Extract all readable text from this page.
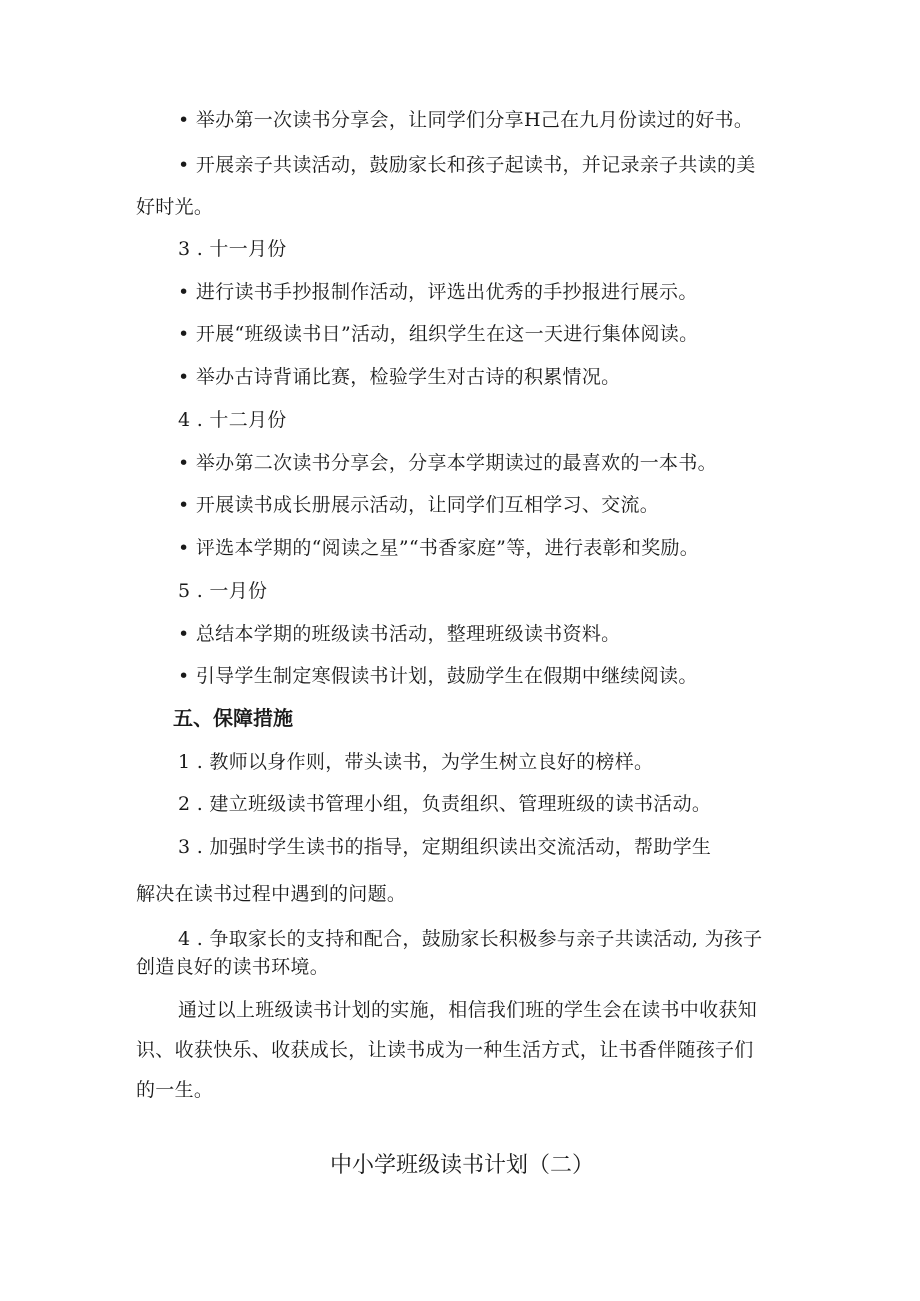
• 举办第一次读书分享会，让同学们分享H己在九月份读过的好书。
• 开展亲子共读活动，鼓励家长和孩子起读书，并记录亲子共读的美
好时光。
3 . 十一月份
• 进行读书手抄报制作活动，评选出优秀的手抄报进行展示。
• 开展“班级读书日”活动，组织学生在这一天进行集体阅读。
• 举办古诗背诵比赛，检验学生对古诗的积累情况。
4 . 十二月份
• 举办第二次读书分享会，分享本学期读过的最喜欢的一本书。
• 开展读书成长册展示活动，让同学们互相学习、交流。
• 评选本学期的“阅读之星”“书香家庭”等，进行表彰和奖励。
5 . 一月份
• 总结本学期的班级读书活动，整理班级读书资料。
• 引导学生制定寒假读书计划，鼓励学生在假期中继续阅读。
五、保障措施
1 . 教师以身作则，带头读书，为学生树立良好的榜样。
2 . 建立班级读书管理小组，负责组织、管理班级的读书活动。
3 . 加强时学生读书的指导，定期组织读出交流活动，帮助学生
解决在读书过程中遇到的问题。
4 . 争取家长的支持和配合，鼓励家长积极参与亲子共读活动, 为孩子
创造良好的读书环境。
通过以上班级读书计划的实施，相信我们班的学生会在读书中收获知
识、收获快乐、收获成长，让读书成为一种生活方式，让书香伴随孩子们
的一生。
中小学班级读书计划（二）
